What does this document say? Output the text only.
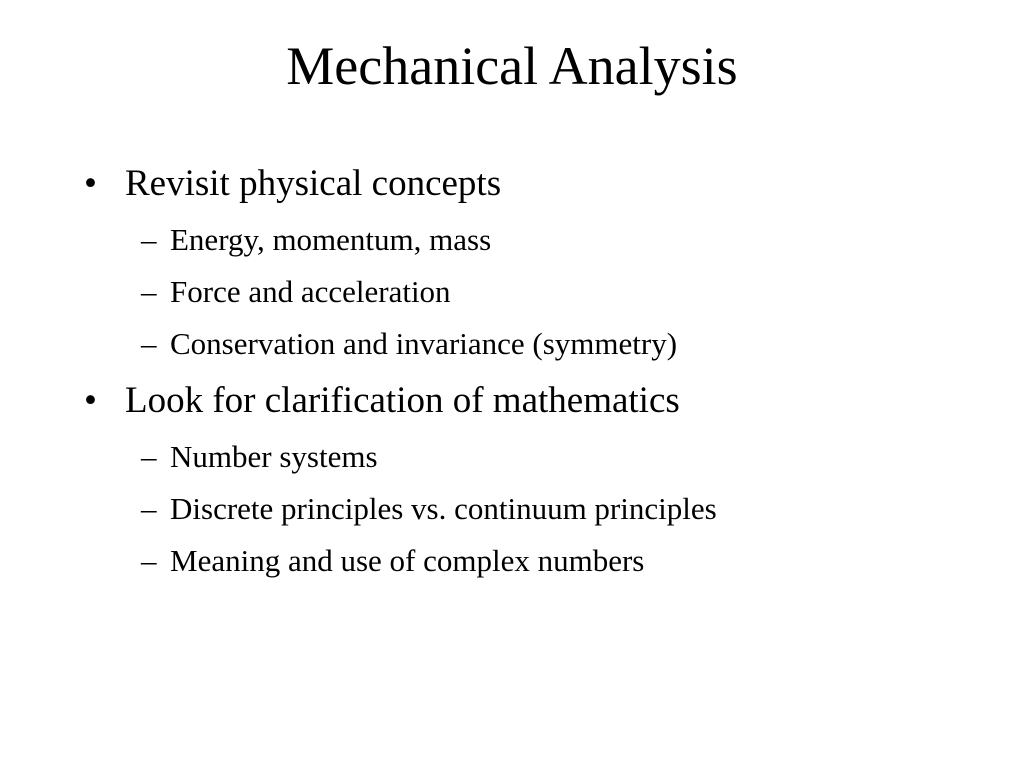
Mechanical Analysis
• Revisit physical concepts
– Energy, momentum, mass
– Force and acceleration
– Conservation and invariance (symmetry)
• Look for clarification of mathematics
– Number systems
– Discrete principles vs. continuum principles
– Meaning and use of complex numbers
